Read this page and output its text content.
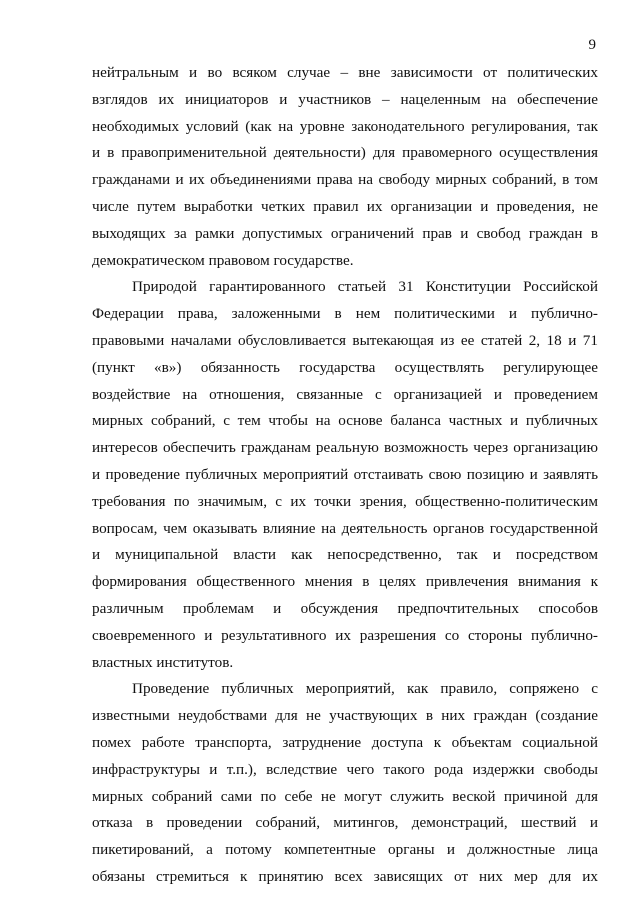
9
нейтральным и во всяком случае – вне зависимости от политических
взглядов их инициаторов и участников – нацеленным на обеспечение
необходимых условий (как на уровне законодательного регулирования, так
и в правоприменительной деятельности) для правомерного осуществления
гражданами и их объединениями права на свободу мирных собраний, в том
числе путем выработки четких правил их организации и проведения, не
выходящих за рамки допустимых ограничений прав и свобод граждан в
демократическом правовом государстве.
Природой гарантированного статьей 31 Конституции Российской
Федерации права, заложенными в нем политическими и публично-
правовыми началами обусловливается вытекающая из ее статей 2, 18 и 71
(пункт «в») обязанность государства осуществлять регулирующее
воздействие на отношения, связанные с организацией и проведением
мирных собраний, с тем чтобы на основе баланса частных и публичных
интересов обеспечить гражданам реальную возможность через организацию
и проведение публичных мероприятий отстаивать свою позицию и заявлять
требования по значимым, с их точки зрения, общественно-политическим
вопросам, чем оказывать влияние на деятельность органов государственной
и муниципальной власти как непосредственно, так и посредством
формирования общественного мнения в целях привлечения внимания к
различным проблемам и обсуждения предпочтительных способов
своевременного и результативного их разрешения со стороны публично-
властных институтов.
Проведение публичных мероприятий, как правило, сопряжено с
известными неудобствами для не участвующих в них граждан (создание
помех работе транспорта, затруднение доступа к объектам социальной
инфраструктуры и т.п.), вследствие чего такого рода издержки свободы
мирных собраний сами по себе не могут служить веской причиной для
отказа в проведении собраний, митингов, демонстраций, шествий и
пикетирований, а потому компетентные органы и должностные лица
обязаны стремиться к принятию всех зависящих от них мер для их
